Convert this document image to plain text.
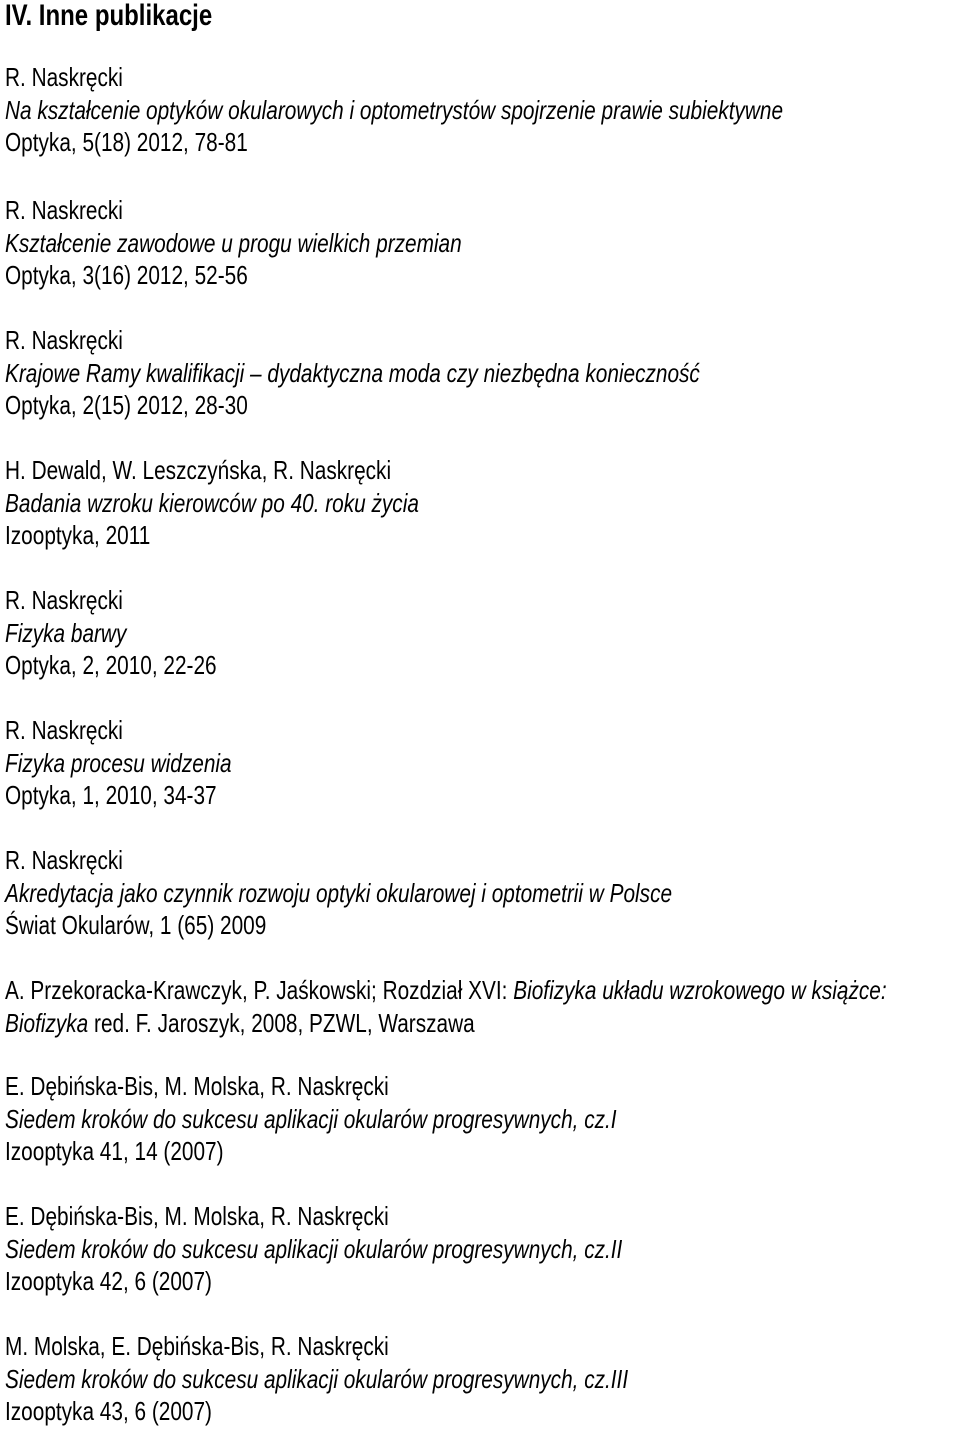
IV. Inne publikacje
R. Naskręcki
Na kształcenie optyków okularowych i optometrystów spojrzenie prawie subiektywne
Optyka, 5(18) 2012, 78-81
R. Naskrecki
Kształcenie zawodowe u progu wielkich przemian
Optyka, 3(16) 2012, 52-56
R. Naskręcki
Krajowe Ramy kwalifikacji – dydaktyczna moda czy niezbędna konieczność
Optyka, 2(15) 2012, 28-30
H. Dewald, W. Leszczyńska, R. Naskręcki
Badania wzroku kierowców po 40. roku życia
Izooptyka, 2011
R. Naskręcki
Fizyka barwy
Optyka, 2, 2010, 22-26
R. Naskręcki
Fizyka procesu widzenia
Optyka, 1, 2010, 34-37
R. Naskręcki
Akredytacja jako czynnik rozwoju optyki okularowej i optometrii w Polsce
Świat Okularów, 1 (65) 2009
A. Przekoracka-Krawczyk, P. Jaśkowski; Rozdział XVI: Biofizyka układu wzrokowego w książce:
Biofizyka red. F. Jaroszyk, 2008, PZWL, Warszawa
E. Dębińska-Bis, M. Molska, R. Naskręcki
Siedem kroków do sukcesu aplikacji okularów progresywnych, cz.I
Izooptyka 41, 14 (2007)
E. Dębińska-Bis, M. Molska, R. Naskręcki
Siedem kroków do sukcesu aplikacji okularów progresywnych, cz.II
Izooptyka 42, 6 (2007)
M. Molska, E. Dębińska-Bis, R. Naskręcki
Siedem kroków do sukcesu aplikacji okularów progresywnych, cz.III
Izooptyka 43, 6 (2007)
